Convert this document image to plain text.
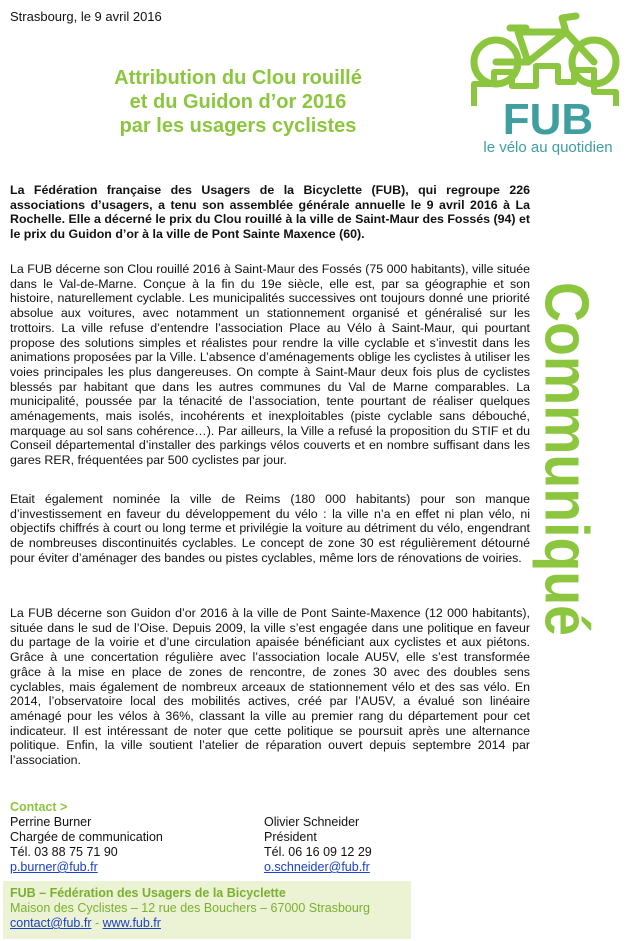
Strasbourg, le 9 avril 2016
Attribution du Clou rouillé
et du Guidon d’or 2016
par les usagers cyclistes	FUB
le vélo au quotidien
Communiqué
La Fédération française des Usagers de la Bicyclette (FUB), qui regroupe 226 associations d’usagers, a tenu son assemblée générale annuelle le 9 avril 2016 à La Rochelle. Elle a décerné le prix du Clou rouillé à la ville de Saint-Maur des Fossés (94) et le prix du Guidon d’or à la ville de Pont Sainte Maxence (60).
La FUB décerne son Clou rouillé 2016 à Saint-Maur des Fossés (75 000 habitants), ville située dans le Val-de-Marne. Conçue à la fin du 19e siècle, elle est, par sa géographie et son histoire, naturellement cyclable. Les municipalités successives ont toujours donné une priorité absolue aux voitures, avec notamment un stationnement organisé et généralisé sur les trottoirs. La ville refuse d’entendre l’association Place au Vélo à Saint-Maur, qui pourtant propose des solutions simples et réalistes pour rendre la ville cyclable et s’investit dans les animations proposées par la Ville. L’absence d’aménagements oblige les cyclistes à utiliser les voies principales les plus dangereuses. On compte à Saint-Maur deux fois plus de cyclistes blessés par habitant que dans les autres communes du Val de Marne comparables. La municipalité, poussée par la ténacité de l’association, tente pourtant de réaliser quelques aménagements, mais isolés, incohérents et inexploitables (piste cyclable sans débouché, marquage au sol sans cohérence…). Par ailleurs, la Ville a refusé la proposition du STIF et du Conseil départemental d’installer des parkings vélos couverts et en nombre suffisant dans les gares RER, fréquentées par 500 cyclistes par jour.
Etait également nominée la ville de Reims (180 000 habitants) pour son manque d’investissement en faveur du développement du vélo : la ville n’a en effet ni plan vélo, ni objectifs chiffrés à court ou long terme et privilégie la voiture au détriment du vélo, engendrant de nombreuses discontinuités cyclables. Le concept de zone 30 est régulièrement détourné pour éviter d’aménager des bandes ou pistes cyclables, même lors de rénovations de voiries.
La FUB décerne son Guidon d’or 2016 à la ville de Pont Sainte-Maxence (12 000 habitants), située dans le sud de l’Oise. Depuis 2009, la ville s’est engagée dans une politique en faveur du partage de la voirie et d’une circulation apaisée bénéficiant aux cyclistes et aux piétons. Grâce à une concertation régulière avec l’association locale AU5V, elle s’est transformée grâce à la mise en place de zones de rencontre, de zones 30 avec des doubles sens cyclables, mais également de nombreux arceaux de stationnement vélo et des sas vélo. En 2014, l’observatoire local des mobilités actives, créé par l’AU5V, a évalué son linéaire aménagé pour les vélos à 36%, classant la ville au premier rang du département pour cet indicateur. Il est intéressant de noter que cette politique se poursuit après une alternance politique. Enfin, la ville soutient l’atelier de réparation ouvert depuis septembre 2014 par l’association.
Contact >
Perrine Burner
Chargée de communication
Tél. 03 88 75 71 90
p.burner@fub.fr
Olivier Schneider
Président
Tél. 06 16 09 12 29
o.schneider@fub.fr
FUB – Fédération des Usagers de la Bicyclette
Maison des Cyclistes – 12 rue des Bouchers – 67000 Strasbourg
contact@fub.fr - www.fub.fr
